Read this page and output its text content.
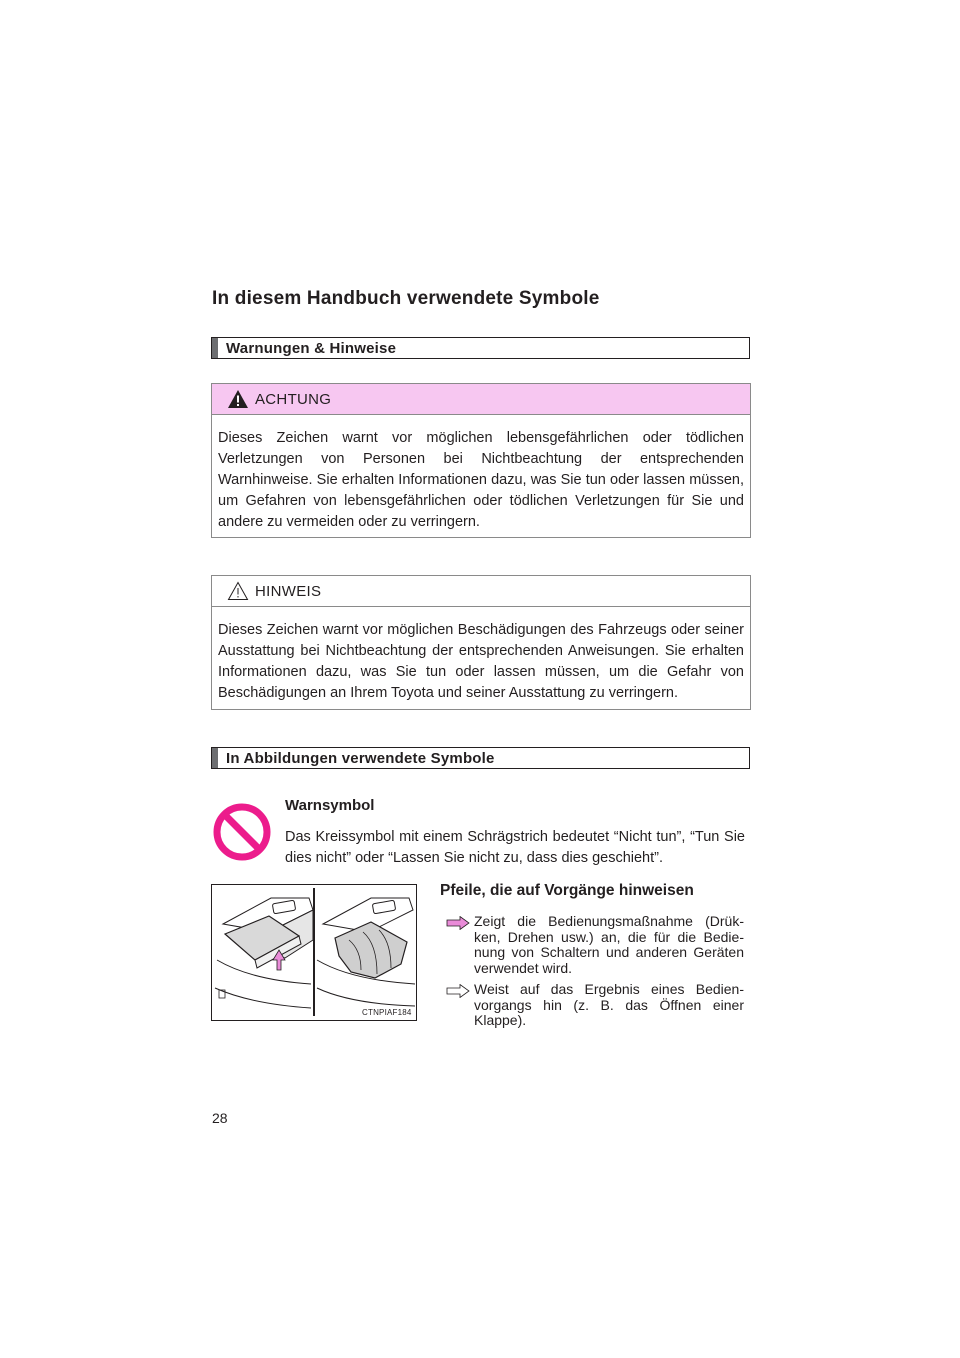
In diesem Handbuch verwendete Symbole
Warnungen & Hinweise
ACHTUNG
Dieses Zeichen warnt vor möglichen lebensgefährlichen oder tödlichen Verletzungen von Personen bei Nichtbeachtung der entsprechenden Warnhinweise. Sie erhalten Informationen dazu, was Sie tun oder lassen müssen, um Gefahren von lebensgefährlichen oder tödlichen Verletzungen für Sie und andere zu vermeiden oder zu verringern.
HINWEIS
Dieses Zeichen warnt vor möglichen Beschädigungen des Fahrzeugs oder seiner Ausstattung bei Nichtbeachtung der entsprechenden Anweisungen. Sie erhalten Informationen dazu, was Sie tun oder lassen müssen, um die Gefahr von Beschädigungen an Ihrem Toyota und seiner Ausstattung zu verringern.
In Abbildungen verwendete Symbole
Warnsymbol
Das Kreissymbol mit einem Schrägstrich bedeutet “Nicht tun”, “Tun Sie dies nicht” oder “Lassen Sie nicht zu, dass dies geschieht”.
CTNPIAF184
Pfeile, die auf Vorgänge hinweisen
Zeigt die Bedienungsmaßnahme (Drük-ken, Drehen usw.) an, die für die Bedie-nung von Schaltern und anderen Geräten verwendet wird.
Weist auf das Ergebnis eines Bedien-vorgangs hin (z. B. das Öffnen einer Klappe).
28
